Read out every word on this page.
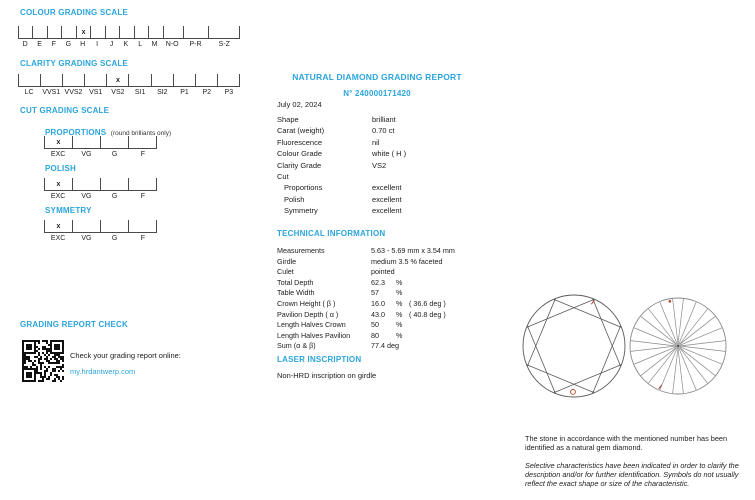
COLOUR GRADING SCALE
x
D	E	F	G	H	I	J	K	L	M	N-O	P-R	S-Z
CLARITY GRADING SCALE
x
LC	VVS1 VVS2 VS1	VS2	SI1	SI2	P1	P2	P3
CUT GRADING SCALE
PROPORTIONS (round brilliants only)
x
EXC	VG	G	F
POLISH
x
EXC	VG	G	F
SYMMETRY
x
EXC	VG	G	F
GRADING REPORT CHECK
Check your grading report online:
my.hrdantwerp.com
NATURAL DIAMOND GRADING REPORT
N° 240000171420
July 02, 2024
Shape	brilliant
Carat (weight)	0.70 ct
Fluorescence	nil
Colour Grade	white ( H )
Clarity Grade	VS2
Cut
Proportions	excellent
Polish	excellent
Symmetry	excellent
TECHNICAL INFORMATION
Measurements	5.63 - 5.69 mm x 3.54 mm
Girdle	medium 3.5 % faceted
Culet	pointed
Total Depth	62.3	%
Table Width	57	%
Crown Height ( β )	16.0	% ( 36.6 deg )
Pavilion Depth ( α )	43.0	% ( 40.8 deg )
Length Halves Crown	50	%
Length Halves Pavilion	80	%
Sum (α & β)	77.4 deg
LASER INSCRIPTION
Non-HRD inscription on girdle
The stone in accordance with the mentioned number has been identified as a natural gem diamond.
Selective characteristics have been indicated in order to clarify the description and/or for further identification. Symbols do not usually reflect the exact shape or size of the characteristic.
